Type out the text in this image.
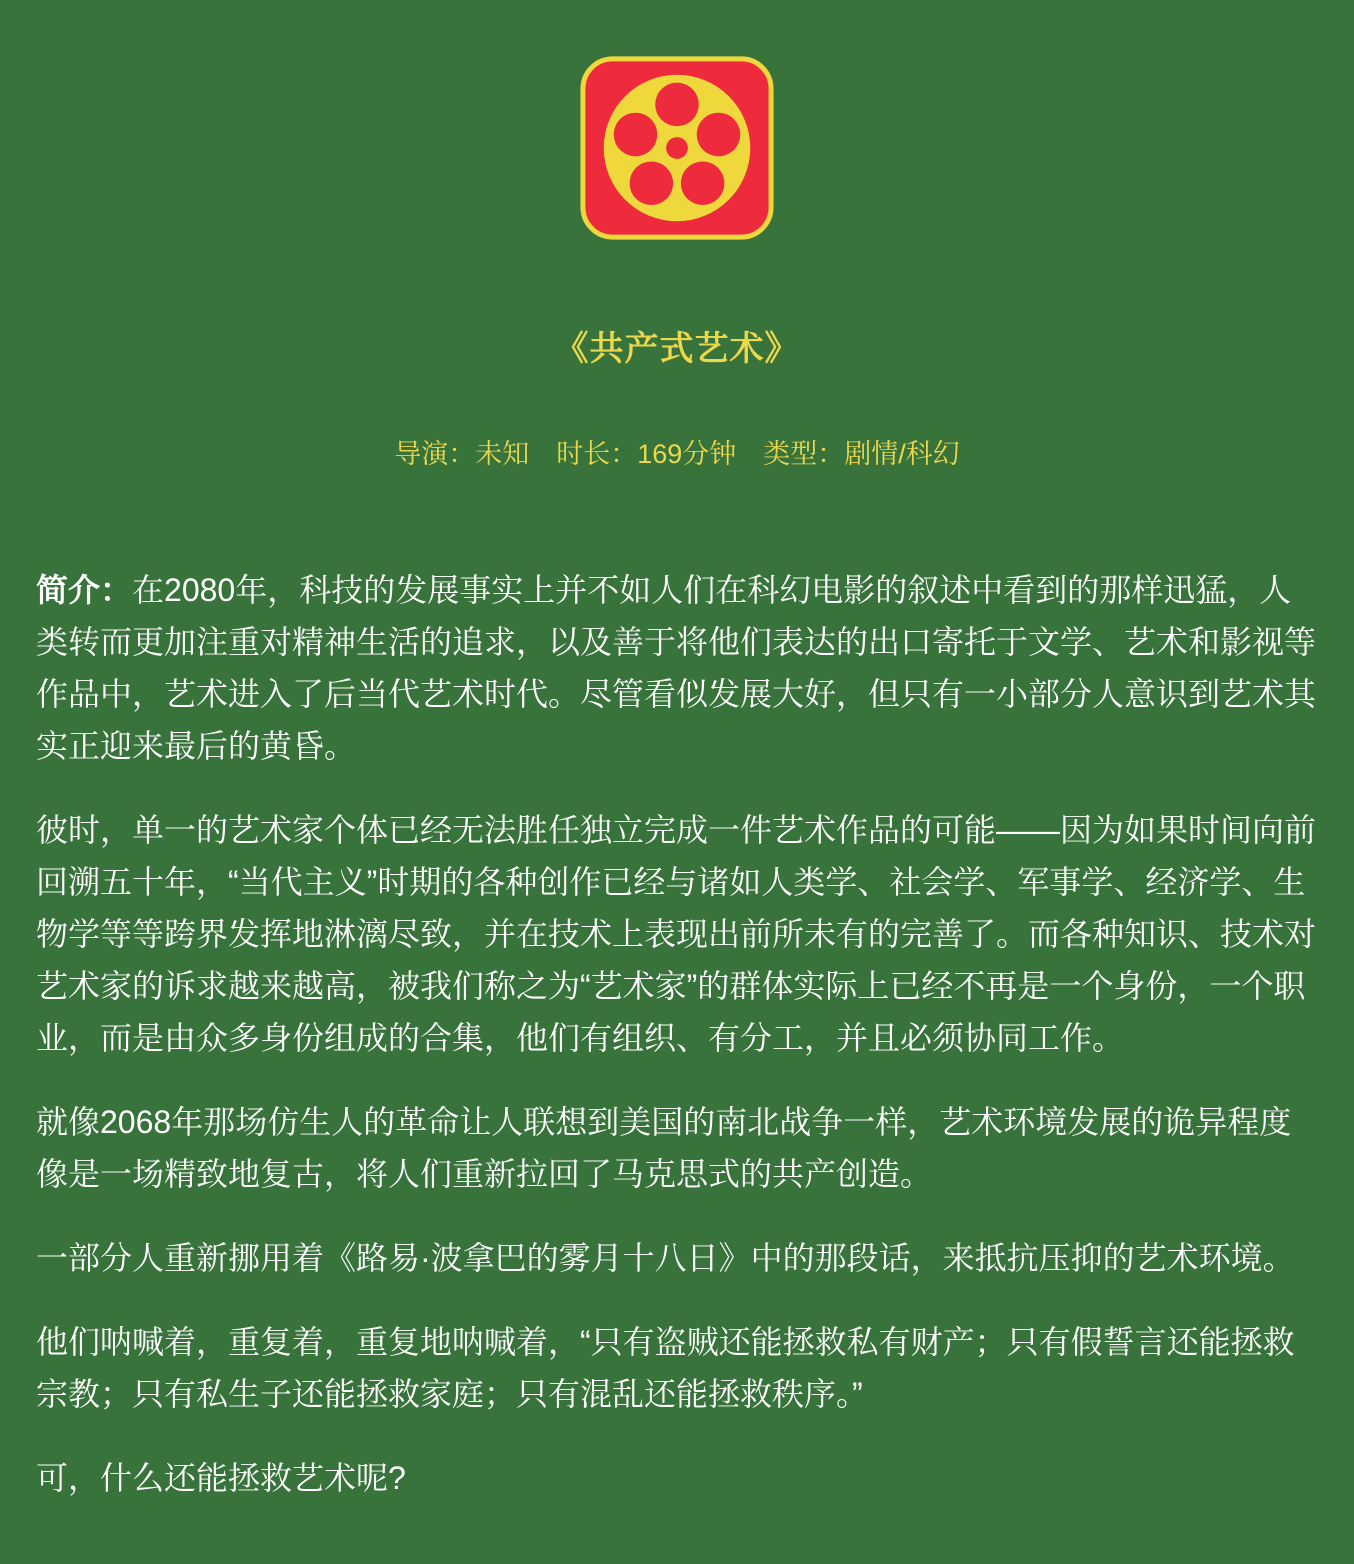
《共产式艺术》
导演：未知 时长：169分钟 类型：剧情/科幻

简介：在2080年，科技的发展事实上并不如人们在科幻电影的叙述中看到的那样迅猛，人类转而更加注重对精神生活的追求，以及善于将他们表达的出口寄托于文学、艺术和影视等作品中，艺术进入了后当代艺术时代。尽管看似发展大好，但只有一小部分人意识到艺术其实正迎来最后的黄昏。

彼时，单一的艺术家个体已经无法胜任独立完成一件艺术作品的可能——因为如果时间向前回溯五十年，“当代主义”时期的各种创作已经与诸如人类学、社会学、军事学、经济学、生物学等等跨界发挥地淋漓尽致，并在技术上表现出前所未有的完善了。而各种知识、技术对艺术家的诉求越来越高，被我们称之为“艺术家”的群体实际上已经不再是一个身份，一个职业，而是由众多身份组成的合集，他们有组织、有分工，并且必须协同工作。

就像2068年那场仿生人的革命让人联想到美国的南北战争一样，艺术环境发展的诡异程度像是一场精致地复古，将人们重新拉回了马克思式的共产创造。

一部分人重新挪用着《路易·波拿巴的雾月十八日》中的那段话，来抵抗压抑的艺术环境。

他们呐喊着，重复着，重复地呐喊着，“只有盗贼还能拯救私有财产；只有假誓言还能拯救宗教；只有私生子还能拯救家庭；只有混乱还能拯救秩序。”

可，什么还能拯救艺术呢?
